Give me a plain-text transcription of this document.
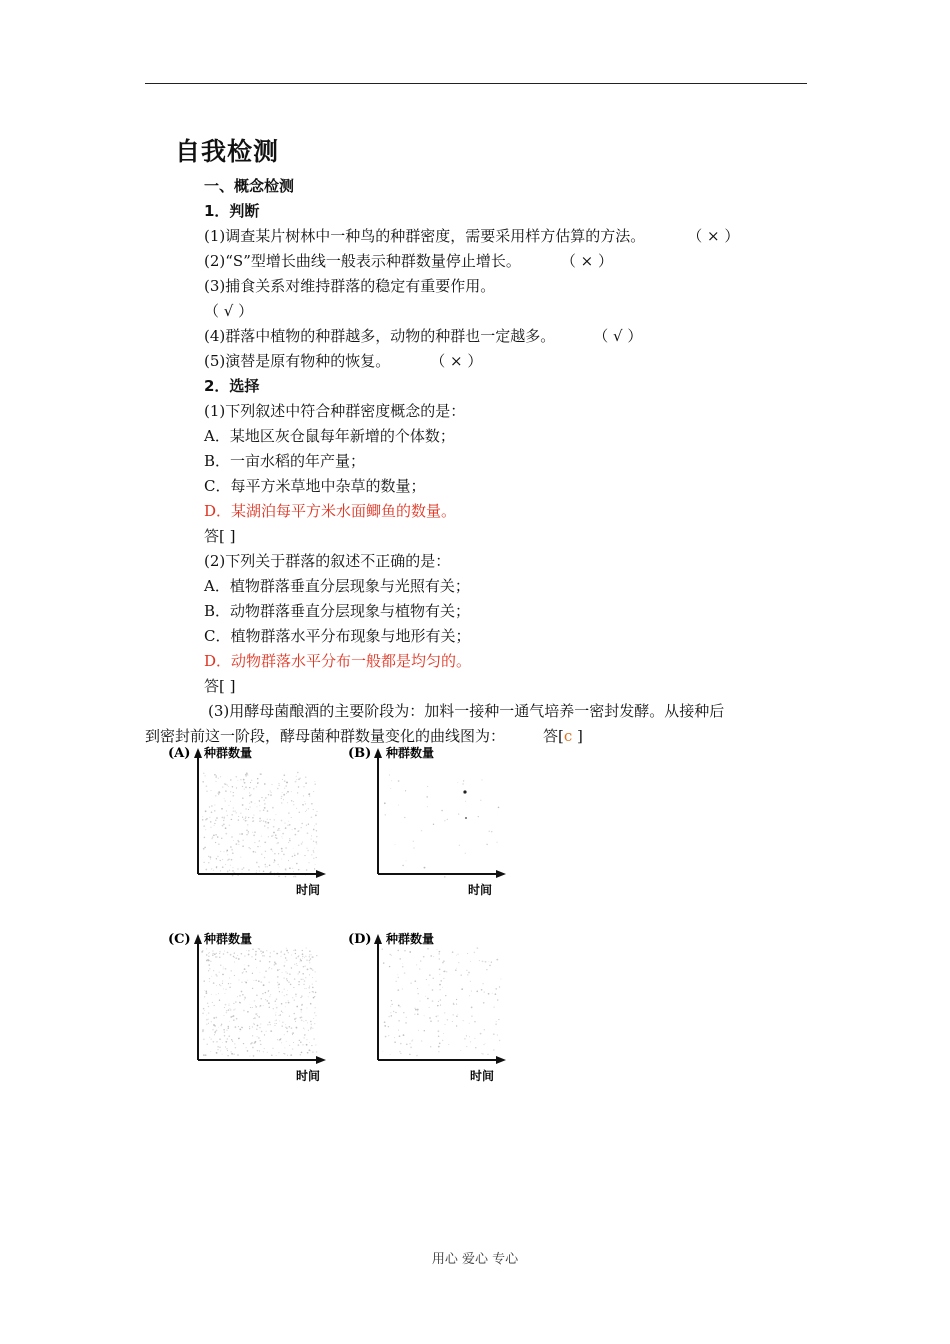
自我检测
一、概念检测
1．判断
(1)调查某片树林中一种鸟的种群密度，需要采用样方估算的方法。	（ × ）
(2)“S”型增长曲线一般表示种群数量停止增长。	（ × ）
(3)捕食关系对维持群落的稳定有重要作用。
（ √ ）
(4)群落中植物的种群越多，动物的种群也一定越多。	（ √ ）
(5)演替是原有物种的恢复。	（ × ）
2．选择
(1)下列叙述中符合种群密度概念的是：
A．某地区灰仓鼠每年新增的个体数；
B．一亩水稻的年产量；
C．每平方米草地中杂草的数量；
D．某湖泊每平方米水面鲫鱼的数量。
答[ ]
(2)下列关于群落的叙述不正确的是：
A．植物群落垂直分层现象与光照有关；
B．动物群落垂直分层现象与植物有关；
C．植物群落水平分布现象与地形有关；
D．动物群落水平分布一般都是均匀的。
答[ ]
(3)用酵母菌酿酒的主要阶段为：加料一接种一通气培养一密封发酵。从接种后
到密封前这一阶段，酵母菌种群数量变化的曲线图为：	答[c ]
(A) 种群数量
时间
(B) 种群数量
时间
(C) 种群数量
时间
(D) 种群数量
时间
用心 爱心 专心
